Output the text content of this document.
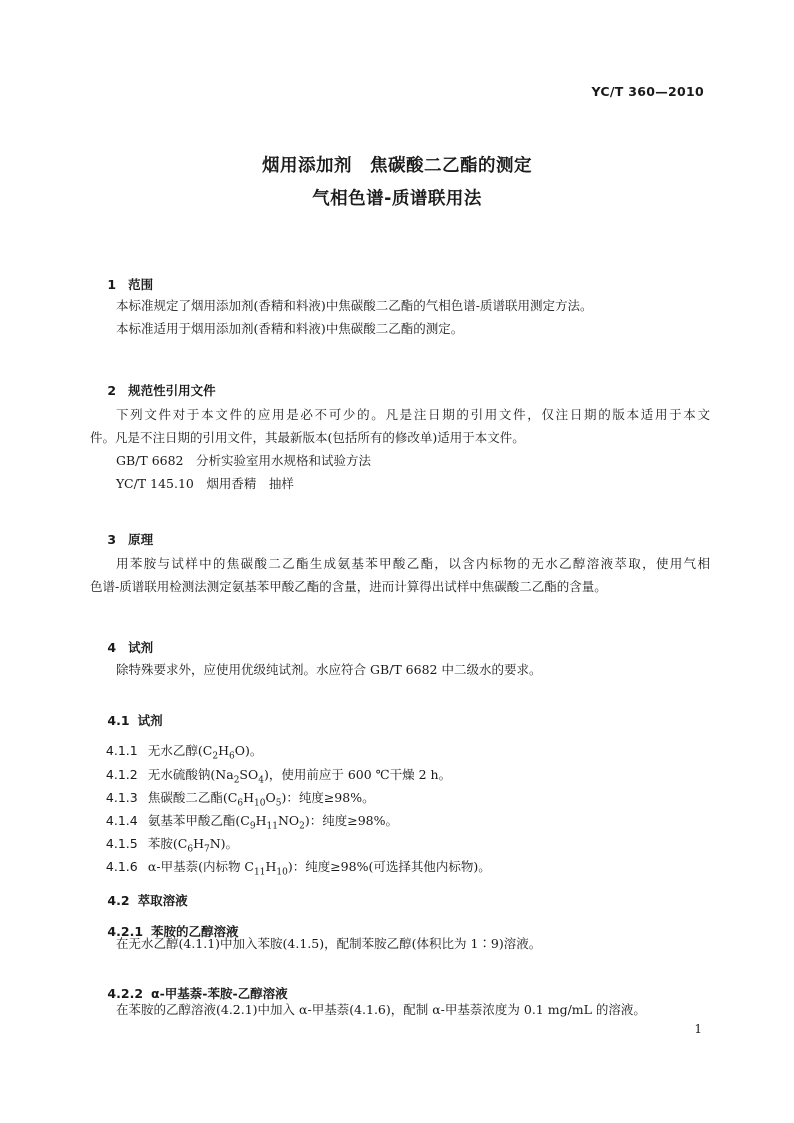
YC/T 360—2010
烟用添加剂　焦碳酸二乙酯的测定
气相色谱-质谱联用法

1 范围

本标准规定了烟用添加剂(香精和料液)中焦碳酸二乙酯的气相色谱-质谱联用测定方法。
本标准适用于烟用添加剂(香精和料液)中焦碳酸二乙酯的测定。

2 规范性引用文件

下列文件对于本文件的应用是必不可少的。凡是注日期的引用文件，仅注日期的版本适用于本文
件。凡是不注日期的引用文件，其最新版本(包括所有的修改单)适用于本文件。
GB/T 6682　分析实验室用水规格和试验方法
YC/T 145.10　烟用香精　抽样

3 原理

用苯胺与试样中的焦碳酸二乙酯生成氨基苯甲酸乙酯，以含内标物的无水乙醇溶液萃取，使用气相
色谱-质谱联用检测法测定氨基苯甲酸乙酯的含量，进而计算得出试样中焦碳酸二乙酯的含量。

4 试剂

除特殊要求外，应使用优级纯试剂。水应符合 GB/T 6682 中二级水的要求。

4.1 试剂

4.1.1 无水乙醇$(C_2H_6O)$。

4.1.2 无水硫酸钠$(Na_2SO_4)$，使用前应于 600 ℃干燥 2 h。

4.1.3 焦碳酸二乙酯$(C_6H_{10}O_5)$：纯度≥98%。

4.1.4 氨基苯甲酸乙酯$(C_9H_{11}NO_2)$：纯度≥98%。

4.1.5 苯胺$(C_6H_7N)$。

4.1.6 α-甲基萘(内标物 $C_{11}H_{10}$)：纯度≥98%(可选择其他内标物)。

4.2 萃取溶液

4.2.1 苯胺的乙醇溶液

在无水乙醇(4.1.1)中加入苯胺(4.1.5)，配制苯胺乙醇(体积比为 1∶9)溶液。

4.2.2 α-甲基萘-苯胺-乙醇溶液

在苯胺的乙醇溶液(4.2.1)中加入 α-甲基萘(4.1.6)，配制 α-甲基萘浓度为 0.1 mg/mL 的溶液。
1
